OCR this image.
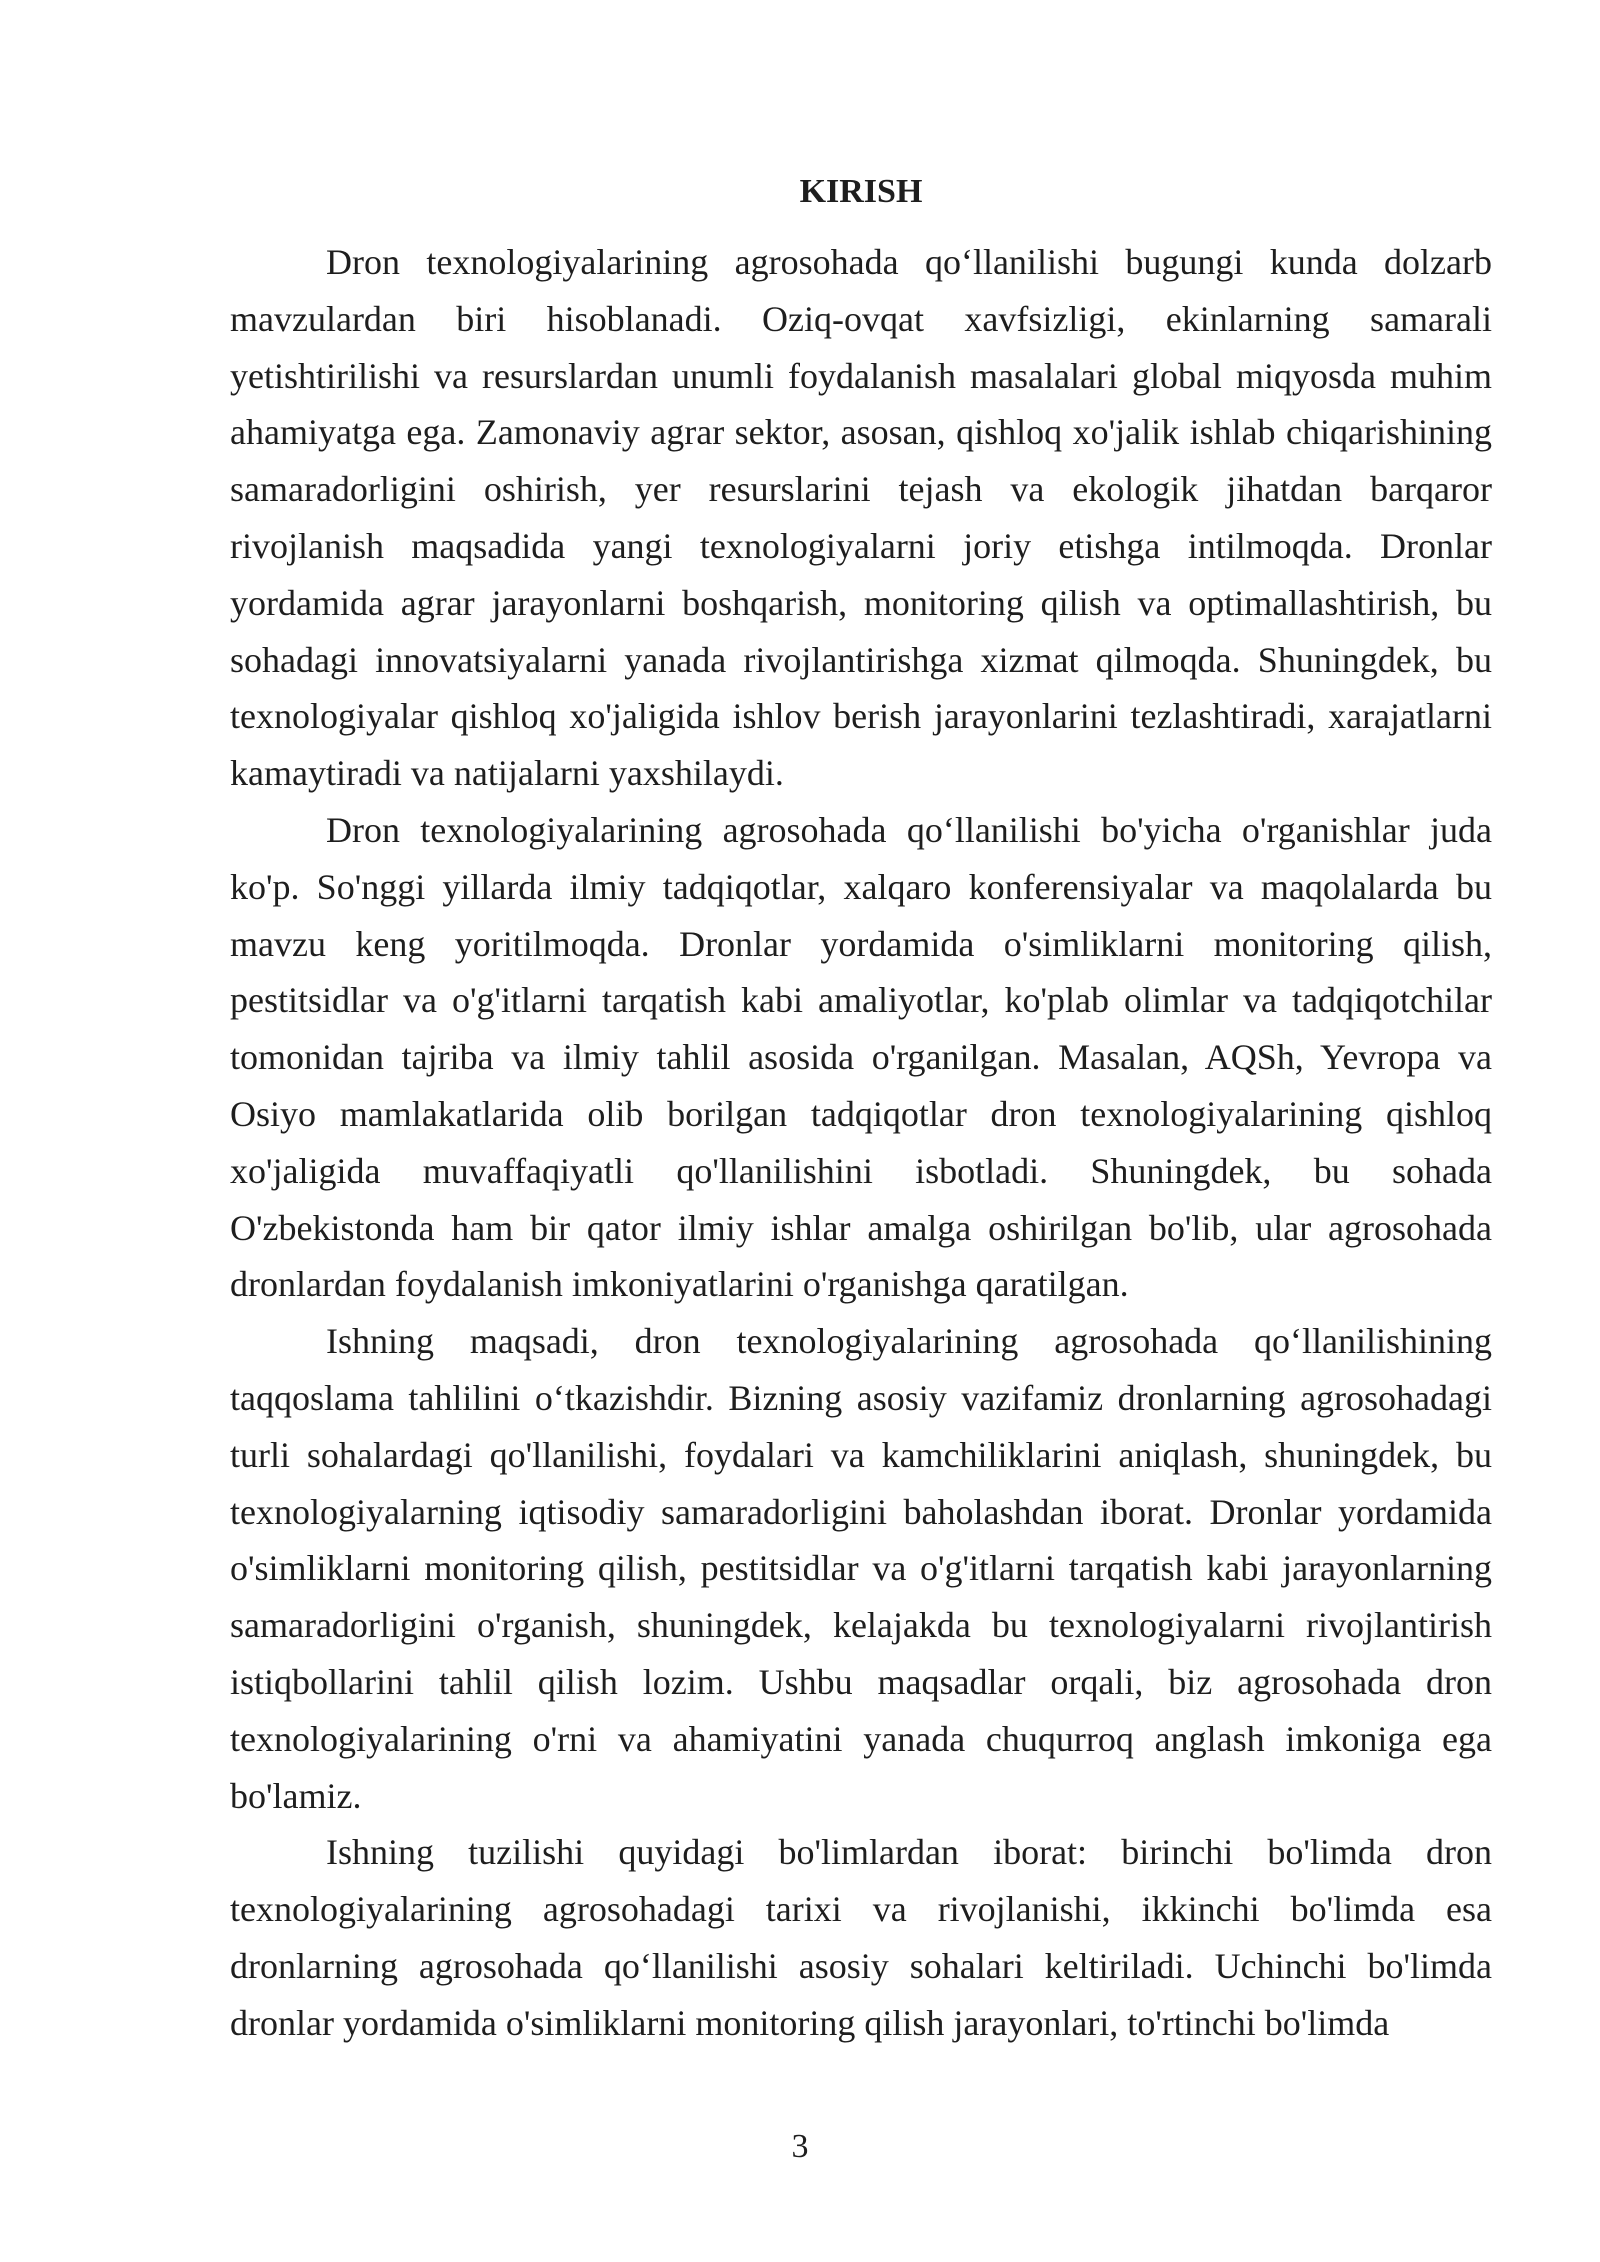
KIRISH

Dron texnologiyalarining agrosohada qo‘llanilishi bugungi kunda dolzarb mavzulardan biri hisoblanadi. Oziq-ovqat xavfsizligi, ekinlarning samarali yetishtirilishi va resurslardan unumli foydalanish masalalari global miqyosda muhim ahamiyatga ega. Zamonaviy agrar sektor, asosan, qishloq xo'jalik ishlab chiqarishining samaradorligini oshirish, yer resurslarini tejash va ekologik jihatdan barqaror rivojlanish maqsadida yangi texnologiyalarni joriy etishga intilmoqda. Dronlar yordamida agrar jarayonlarni boshqarish, monitoring qilish va optimallashtirish, bu sohadagi innovatsiyalarni yanada rivojlantirishga xizmat qilmoqda. Shuningdek, bu texnologiyalar qishloq xo'jaligida ishlov berish jarayonlarini tezlashtiradi, xarajatlarni kamaytiradi va natijalarni yaxshilaydi.

Dron texnologiyalarining agrosohada qo‘llanilishi bo'yicha o'rganishlar juda ko'p. So'nggi yillarda ilmiy tadqiqotlar, xalqaro konferensiyalar va maqolalarda bu mavzu keng yoritilmoqda. Dronlar yordamida o'simliklarni monitoring qilish, pestitsidlar va o'g'itlarni tarqatish kabi amaliyotlar, ko'plab olimlar va tadqiqotchilar tomonidan tajriba va ilmiy tahlil asosida o'rganilgan. Masalan, AQSh, Yevropa va Osiyo mamlakatlarida olib borilgan tadqiqotlar dron texnologiyalarining qishloq xo'jaligida muvaffaqiyatli qo'llanilishini isbotladi. Shuningdek, bu sohada O'zbekistonda ham bir qator ilmiy ishlar amalga oshirilgan bo'lib, ular agrosohada dronlardan foydalanish imkoniyatlarini o'rganishga qaratilgan.

Ishning maqsadi, dron texnologiyalarining agrosohada qo‘llanilishining taqqoslama tahlilini o‘tkazishdir. Bizning asosiy vazifamiz dronlarning agrosohadagi turli sohalardagi qo'llanilishi, foydalari va kamchiliklarini aniqlash, shuningdek, bu texnologiyalarning iqtisodiy samaradorligini baholashdan iborat. Dronlar yordamida o'simliklarni monitoring qilish, pestitsidlar va o'g'itlarni tarqatish kabi jarayonlarning samaradorligini o'rganish, shuningdek, kelajakda bu texnologiyalarni rivojlantirish istiqbollarini tahlil qilish lozim. Ushbu maqsadlar orqali, biz agrosohada dron texnologiyalarining o'rni va ahamiyatini yanada chuqurroq anglash imkoniga ega bo'lamiz.

Ishning tuzilishi quyidagi bo'limlardan iborat: birinchi bo'limda dron texnologiyalarining agrosohadagi tarixi va rivojlanishi, ikkinchi bo'limda esa dronlarning agrosohada qo‘llanilishi asosiy sohalari keltiriladi. Uchinchi bo'limda dronlar yordamida o'simliklarni monitoring qilish jarayonlari, to'rtinchi bo'limda

3
